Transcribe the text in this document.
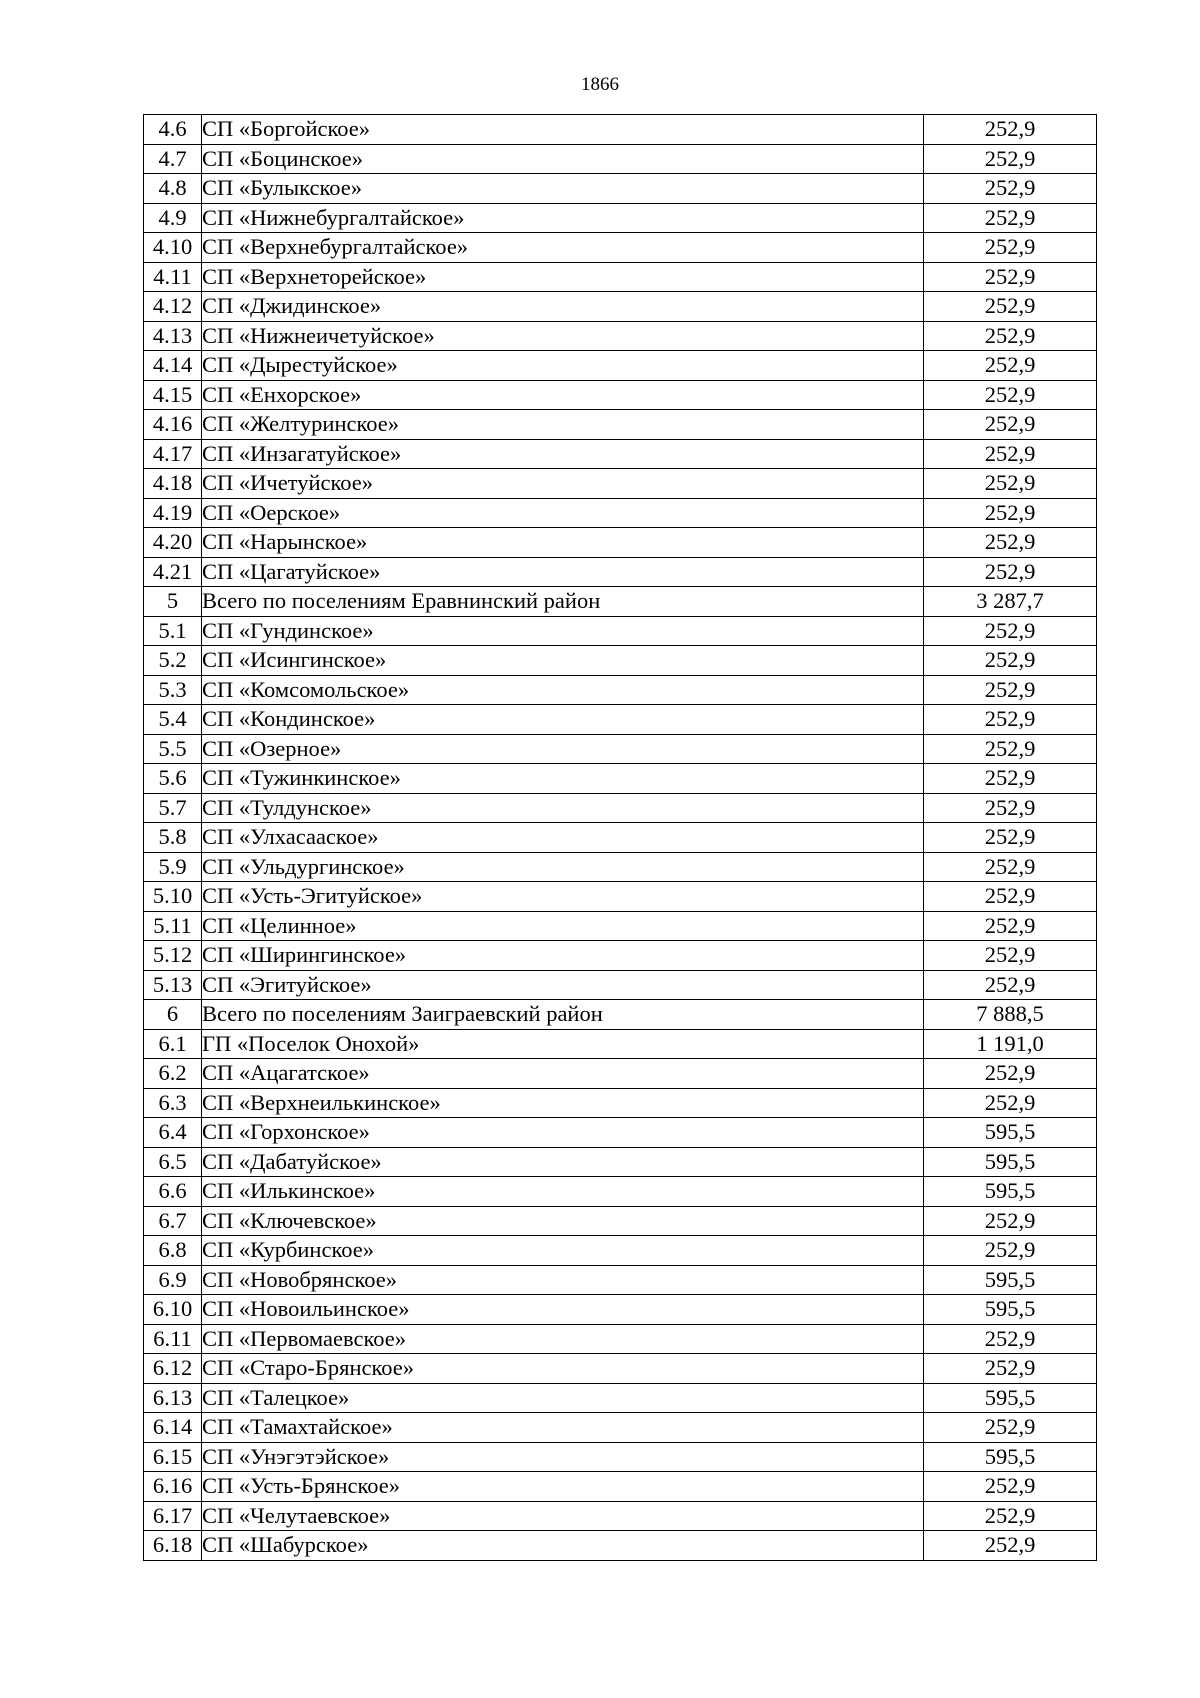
1866
4.6	СП «Боргойское»	252,9
4.7	СП «Боцинское»	252,9
4.8	СП «Булыкское»	252,9
4.9	СП «Нижнебургалтайское»	252,9
4.10	СП «Верхнебургалтайское»	252,9
4.11	СП «Верхнеторейское»	252,9
4.12	СП «Джидинское»	252,9
4.13	СП «Нижнеичетуйское»	252,9
4.14	СП «Дырестуйское»	252,9
4.15	СП «Енхорское»	252,9
4.16	СП «Желтуринское»	252,9
4.17	СП «Инзагатуйское»	252,9
4.18	СП «Ичетуйское»	252,9
4.19	СП «Оерское»	252,9
4.20	СП «Нарынское»	252,9
4.21	СП «Цагатуйское»	252,9
5	Всего по поселениям Еравнинский район	3 287,7
5.1	СП «Гундинское»	252,9
5.2	СП «Исингинское»	252,9
5.3	СП «Комсомольское»	252,9
5.4	СП «Кондинское»	252,9
5.5	СП «Озерное»	252,9
5.6	СП «Тужинкинское»	252,9
5.7	СП «Тулдунское»	252,9
5.8	СП «Улхасаaское»	252,9
5.9	СП «Ульдургинское»	252,9
5.10	СП «Усть-Эгитуйское»	252,9
5.11	СП «Целинное»	252,9
5.12	СП «Ширингинское»	252,9
5.13	СП «Эгитуйское»	252,9
6	Всего по поселениям Заиграевский район	7 888,5
6.1	ГП «Поселок Онохой»	1 191,0
6.2	СП «Ацагатское»	252,9
6.3	СП «Верхнеилькинское»	252,9
6.4	СП «Горхонское»	595,5
6.5	СП «Дабатуйское»	595,5
6.6	СП «Илькинское»	595,5
6.7	СП «Ключевское»	252,9
6.8	СП «Курбинское»	252,9
6.9	СП «Новобрянское»	595,5
6.10	СП «Новоильинское»	595,5
6.11	СП «Первомаевское»	252,9
6.12	СП «Старо-Брянское»	252,9
6.13	СП «Талецкое»	595,5
6.14	СП «Тамахтайское»	252,9
6.15	СП «Унэгэтэйское»	595,5
6.16	СП «Усть-Брянское»	252,9
6.17	СП «Челутаевское»	252,9
6.18	СП «Шабурское»	252,9
